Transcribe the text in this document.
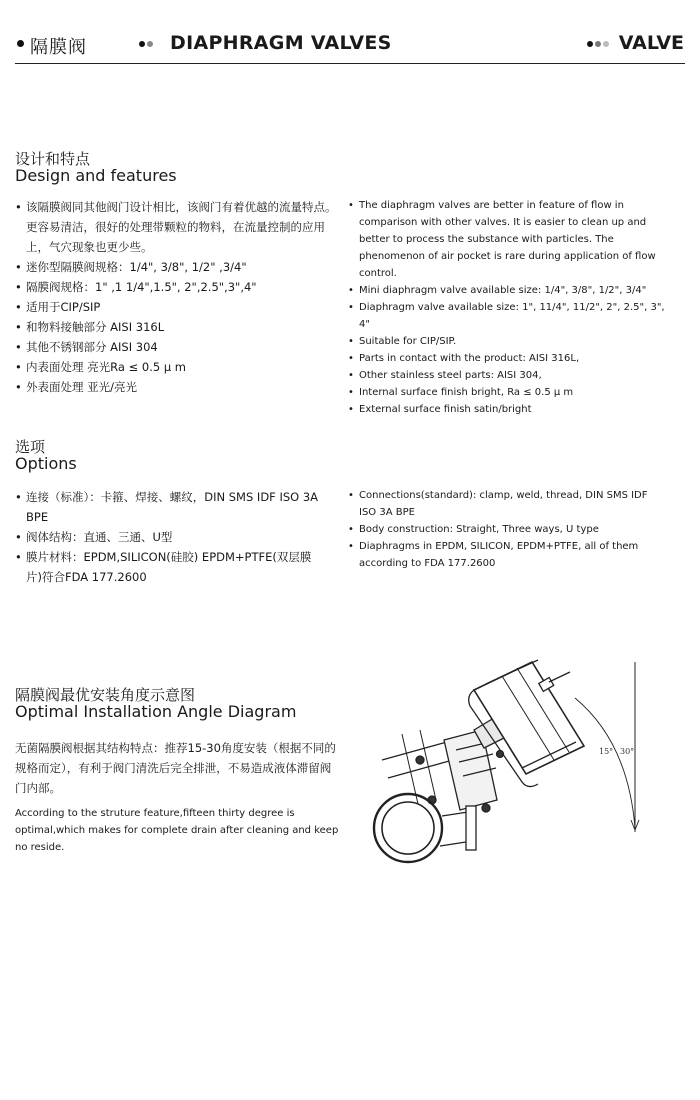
隔膜阀	DIAPHRAGM VALVES	VALVE
设计和特点
Design and features
• 该隔膜阀同其他阀门设计相比，该阀门有着优越的流量特点。更容易清洁，很好的处理带颗粒的物料，在流量控制的应用上，气穴现象也更少些。
• 迷你型隔膜阀规格：1/4", 3/8", 1/2" ,3/4"
• 隔膜阀规格：1" ,1 1/4",1.5", 2",2.5",3",4"
• 适用于CIP/SIP
• 和物料接触部分 AISI 316L
• 其他不锈钢部分 AISI 304
• 内表面处理 亮光Ra ≤ 0.5 μ m
• 外表面处理 亚光/亮光
• The diaphragm valves are better in feature of flow in comparison with other valves. It is easier to clean up and better to process the substance with particles. The phenomenon of air pocket is rare during application of flow control.
• Mini diaphragm valve available size: 1/4", 3/8", 1/2", 3/4"
• Diaphragm valve available size: 1", 11/4", 11/2", 2", 2.5", 3", 4"
• Suitable for CIP/SIP.
• Parts in contact with the product: AISI 316L,
• Other stainless steel parts: AISI 304,
• Internal surface finish bright, Ra ≤ 0.5 μ m
• External surface finish satin/bright
选项
Options
• 连接（标准）：卡箍、焊接、螺纹，DIN SMS IDF ISO 3A BPE
• 阀体结构：直通、三通、U型
• 膜片材料：EPDM,SILICON(硅胶) EPDM+PTFE(双层膜片)符合FDA 177.2600
• Connections(standard): clamp, weld, thread, DIN SMS IDF ISO 3A BPE
• Body construction: Straight, Three ways, U type
• Diaphragms in EPDM, SILICON, EPDM+PTFE, all of them according to FDA 177.2600
隔膜阀最优安装角度示意图
Optimal Installation Angle Diagram
无菌隔膜阀根据其结构特点：推荐15-30角度安装（根据不同的规格而定），有利于阀门清洗后完全排泄，不易造成液体滞留阀门内部。
According to the struture feature,fifteen thirty degree is optimal,which makes for complete drain after cleaning and keep no reside.
15° 30°
